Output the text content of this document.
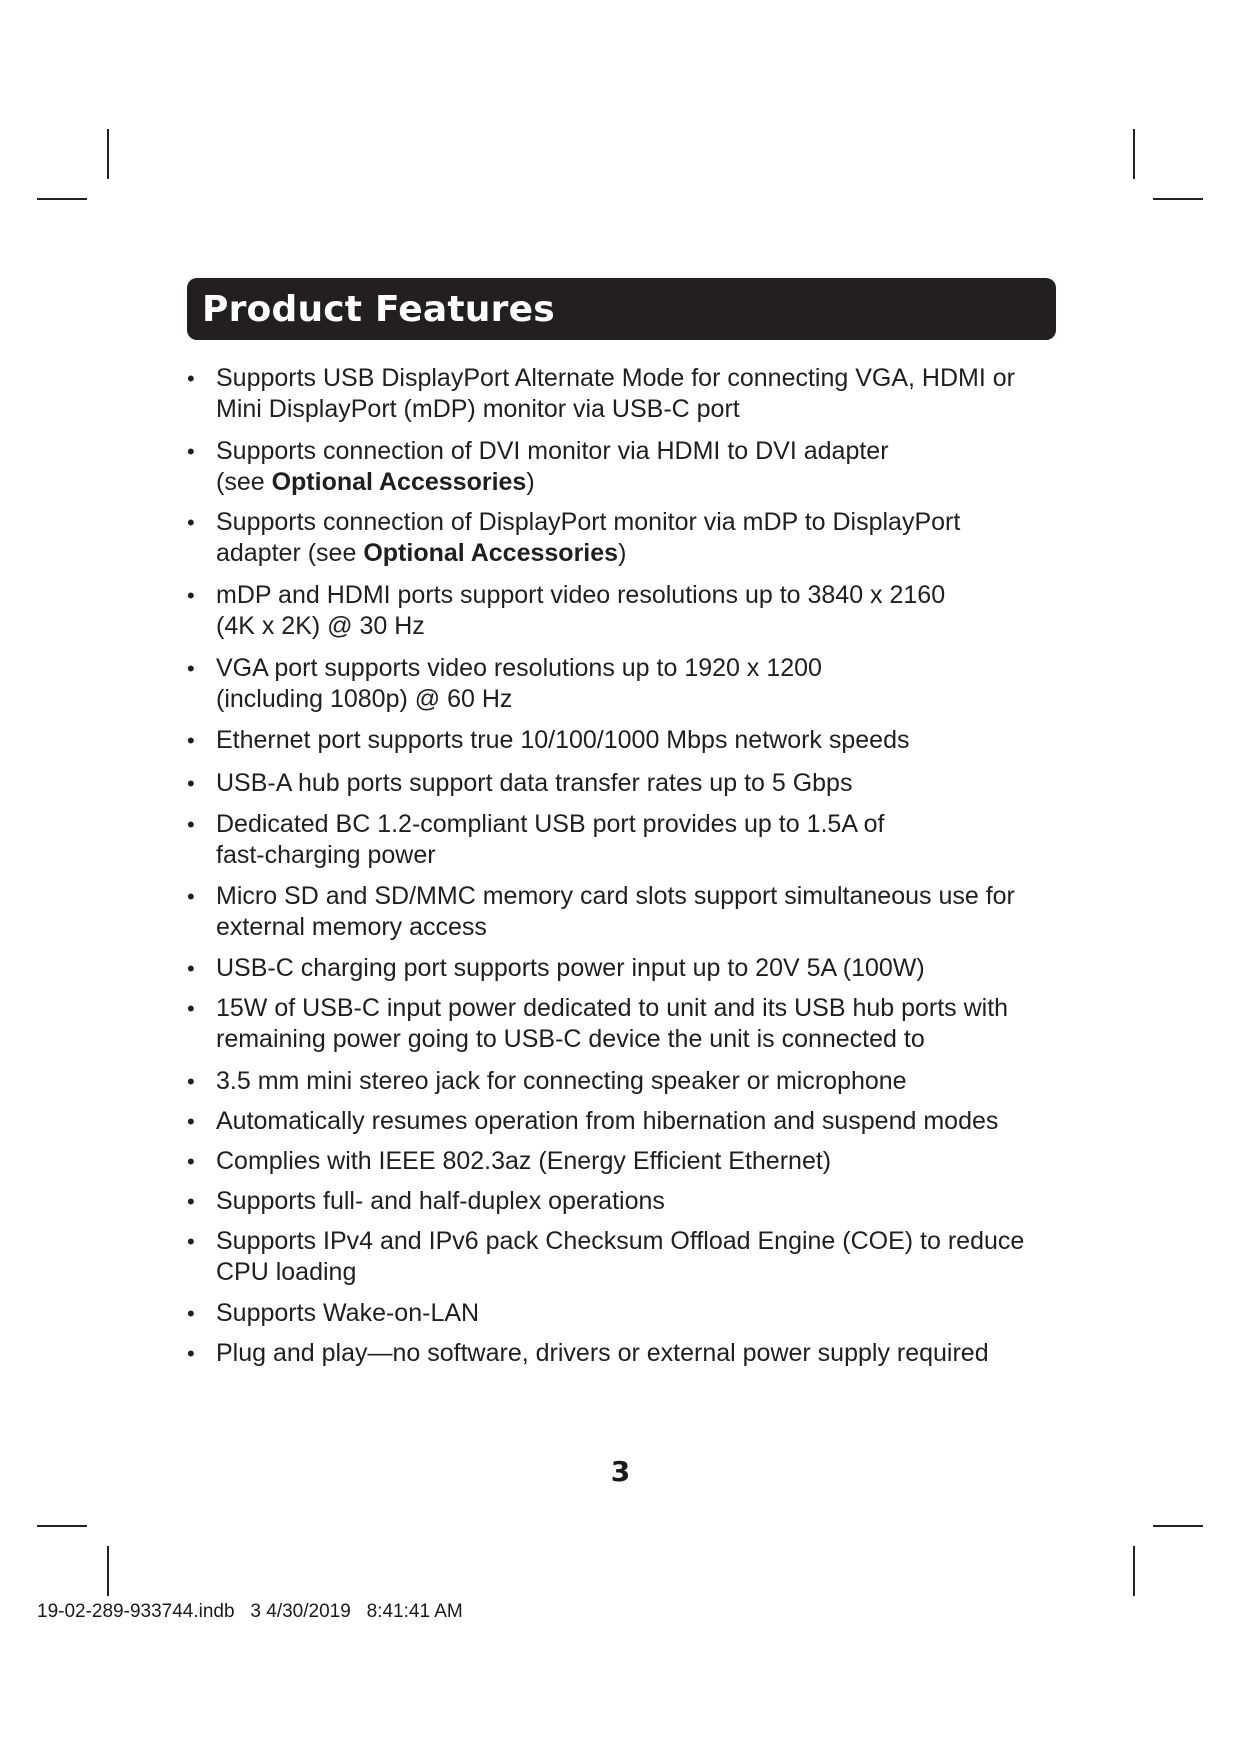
Product Features
• Supports USB DisplayPort Alternate Mode for connecting VGA, HDMI or
Mini DisplayPort (mDP) monitor via USB-C port
• Supports connection of DVI monitor via HDMI to DVI adapter
(see Optional Accessories)
• Supports connection of DisplayPort monitor via mDP to DisplayPort
adapter (see Optional Accessories)
• mDP and HDMI ports support video resolutions up to 3840 x 2160
(4K x 2K) @ 30 Hz
• VGA port supports video resolutions up to 1920 x 1200
(including 1080p) @ 60 Hz
• Ethernet port supports true 10/100/1000 Mbps network speeds
• USB-A hub ports support data transfer rates up to 5 Gbps
• Dedicated BC 1.2-compliant USB port provides up to 1.5A of
fast-charging power
• Micro SD and SD/MMC memory card slots support simultaneous use for
external memory access
• USB-C charging port supports power input up to 20V 5A (100W)
• 15W of USB-C input power dedicated to unit and its USB hub ports with
remaining power going to USB-C device the unit is connected to
• 3.5 mm mini stereo jack for connecting speaker or microphone
• Automatically resumes operation from hibernation and suspend modes
• Complies with IEEE 802.3az (Energy Efficient Ethernet)
• Supports full- and half-duplex operations
• Supports IPv4 and IPv6 pack Checksum Offload Engine (COE) to reduce
CPU loading
• Supports Wake-on-LAN
• Plug and play—no software, drivers or external power supply required
3
19-02-289-933744.indb   3 4/30/2019   8:41:41 AM
